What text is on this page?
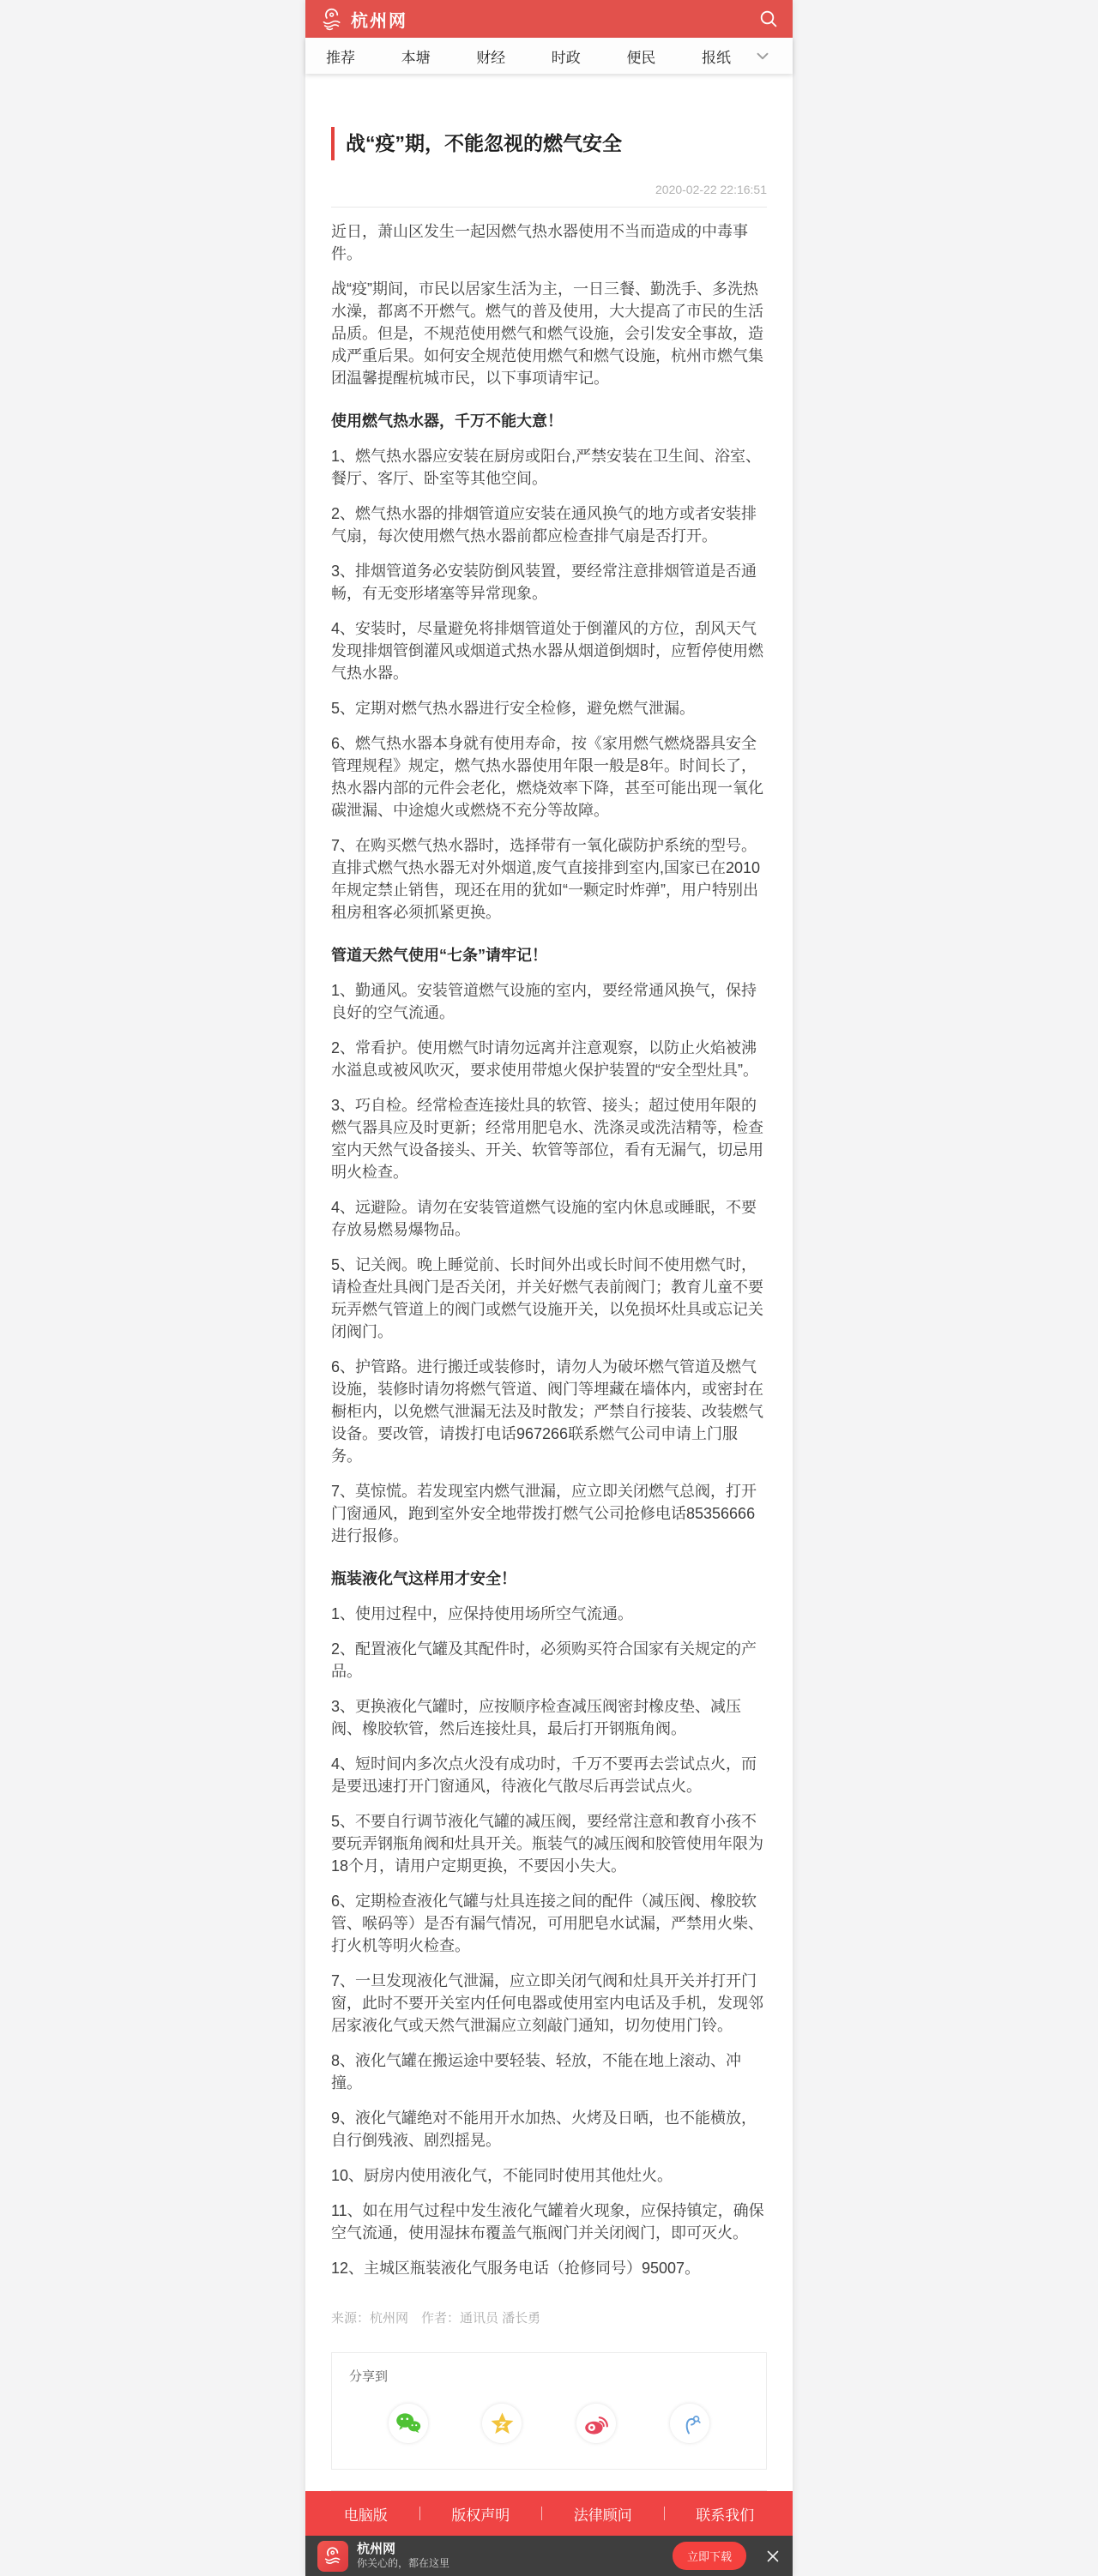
杭州网
推荐	本塘	财经	时政	便民	报纸
战“疫”期，不能忽视的燃气安全
2020-02-22 22:16:51

近日，萧山区发生一起因燃气热水器使用不当而造成的中毒事件。

战“疫”期间，市民以居家生活为主，一日三餐、勤洗手、多洗热水澡，都离不开燃气。燃气的普及使用，大大提高了市民的生活品质。但是，不规范使用燃气和燃气设施，会引发安全事故，造成严重后果。如何安全规范使用燃气和燃气设施，杭州市燃气集团温馨提醒杭城市民，以下事项请牢记。

使用燃气热水器，千万不能大意！

1、燃气热水器应安装在厨房或阳台,严禁安装在卫生间、浴室、餐厅、客厅、卧室等其他空间。

2、燃气热水器的排烟管道应安装在通风换气的地方或者安装排气扇，每次使用燃气热水器前都应检查排气扇是否打开。

3、排烟管道务必安装防倒风装置，要经常注意排烟管道是否通畅，有无变形堵塞等异常现象。

4、安装时，尽量避免将排烟管道处于倒灌风的方位，刮风天气发现排烟管倒灌风或烟道式热水器从烟道倒烟时，应暂停使用燃气热水器。

5、定期对燃气热水器进行安全检修，避免燃气泄漏。

6、燃气热水器本身就有使用寿命，按《家用燃气燃烧器具安全管理规程》规定，燃气热水器使用年限一般是8年。时间长了，热水器内部的元件会老化，燃烧效率下降，甚至可能出现一氧化碳泄漏、中途熄火或燃烧不充分等故障。

7、在购买燃气热水器时，选择带有一氧化碳防护系统的型号。直排式燃气热水器无对外烟道,废气直接排到室内,国家已在2010年规定禁止销售，现还在用的犹如“一颗定时炸弹”，用户特别出租房租客必须抓紧更换。

管道天然气使用“七条”请牢记！

1、勤通风。安装管道燃气设施的室内，要经常通风换气，保持良好的空气流通。

2、常看护。使用燃气时请勿远离并注意观察，以防止火焰被沸水溢息或被风吹灭，要求使用带熄火保护装置的“安全型灶具”。

3、巧自检。经常检查连接灶具的软管、接头；超过使用年限的燃气器具应及时更新；经常用肥皂水、洗涤灵或洗洁精等，检查室内天然气设备接头、开关、软管等部位，看有无漏气，切忌用明火检查。

4、远避险。请勿在安装管道燃气设施的室内休息或睡眠，不要存放易燃易爆物品。

5、记关阀。晚上睡觉前、长时间外出或长时间不使用燃气时，请检查灶具阀门是否关闭，并关好燃气表前阀门；教育儿童不要玩弄燃气管道上的阀门或燃气设施开关，以免损坏灶具或忘记关闭阀门。

6、护管路。进行搬迁或装修时，请勿人为破坏燃气管道及燃气设施，装修时请勿将燃气管道、阀门等埋藏在墙体内，或密封在橱柜内，以免燃气泄漏无法及时散发；严禁自行接装、改装燃气设备。要改管，请拨打电话967266联系燃气公司申请上门服务。

7、莫惊慌。若发现室内燃气泄漏，应立即关闭燃气总阀，打开门窗通风，跑到室外安全地带拨打燃气公司抢修电话85356666进行报修。

瓶装液化气这样用才安全！

1、使用过程中，应保持使用场所空气流通。

2、配置液化气罐及其配件时，必须购买符合国家有关规定的产品。

3、更换液化气罐时，应按顺序检查减压阀密封橡皮垫、减压阀、橡胶软管，然后连接灶具，最后打开钢瓶角阀。

4、短时间内多次点火没有成功时，千万不要再去尝试点火，而是要迅速打开门窗通风，待液化气散尽后再尝试点火。

5、不要自行调节液化气罐的减压阀，要经常注意和教育小孩不要玩弄钢瓶角阀和灶具开关。瓶装气的减压阀和胶管使用年限为18个月，请用户定期更换，不要因小失大。

6、定期检查液化气罐与灶具连接之间的配件（减压阀、橡胶软管、喉码等）是否有漏气情况，可用肥皂水试漏，严禁用火柴、打火机等明火检查。

7、一旦发现液化气泄漏，应立即关闭气阀和灶具开关并打开门窗，此时不要开关室内任何电器或使用室内电话及手机，发现邻居家液化气或天然气泄漏应立刻敲门通知，切勿使用门铃。

8、液化气罐在搬运途中要轻装、轻放，不能在地上滚动、冲撞。

9、液化气罐绝对不能用开水加热、火烤及日晒，也不能横放，自行倒残液、剧烈摇晃。

10、厨房内使用液化气，不能同时使用其他灶火。

11、如在用气过程中发生液化气罐着火现象，应保持镇定，确保空气流通，使用湿抹布覆盖气瓶阀门并关闭阀门，即可灭火。

12、主城区瓶装液化气服务电话（抢修同号）95007。

来源：杭州网　作者：通讯员 潘长勇

分享到
电脑版	版权声明	法律顾问	联系我们
杭州网
你关心的，都在这里
立即下载
